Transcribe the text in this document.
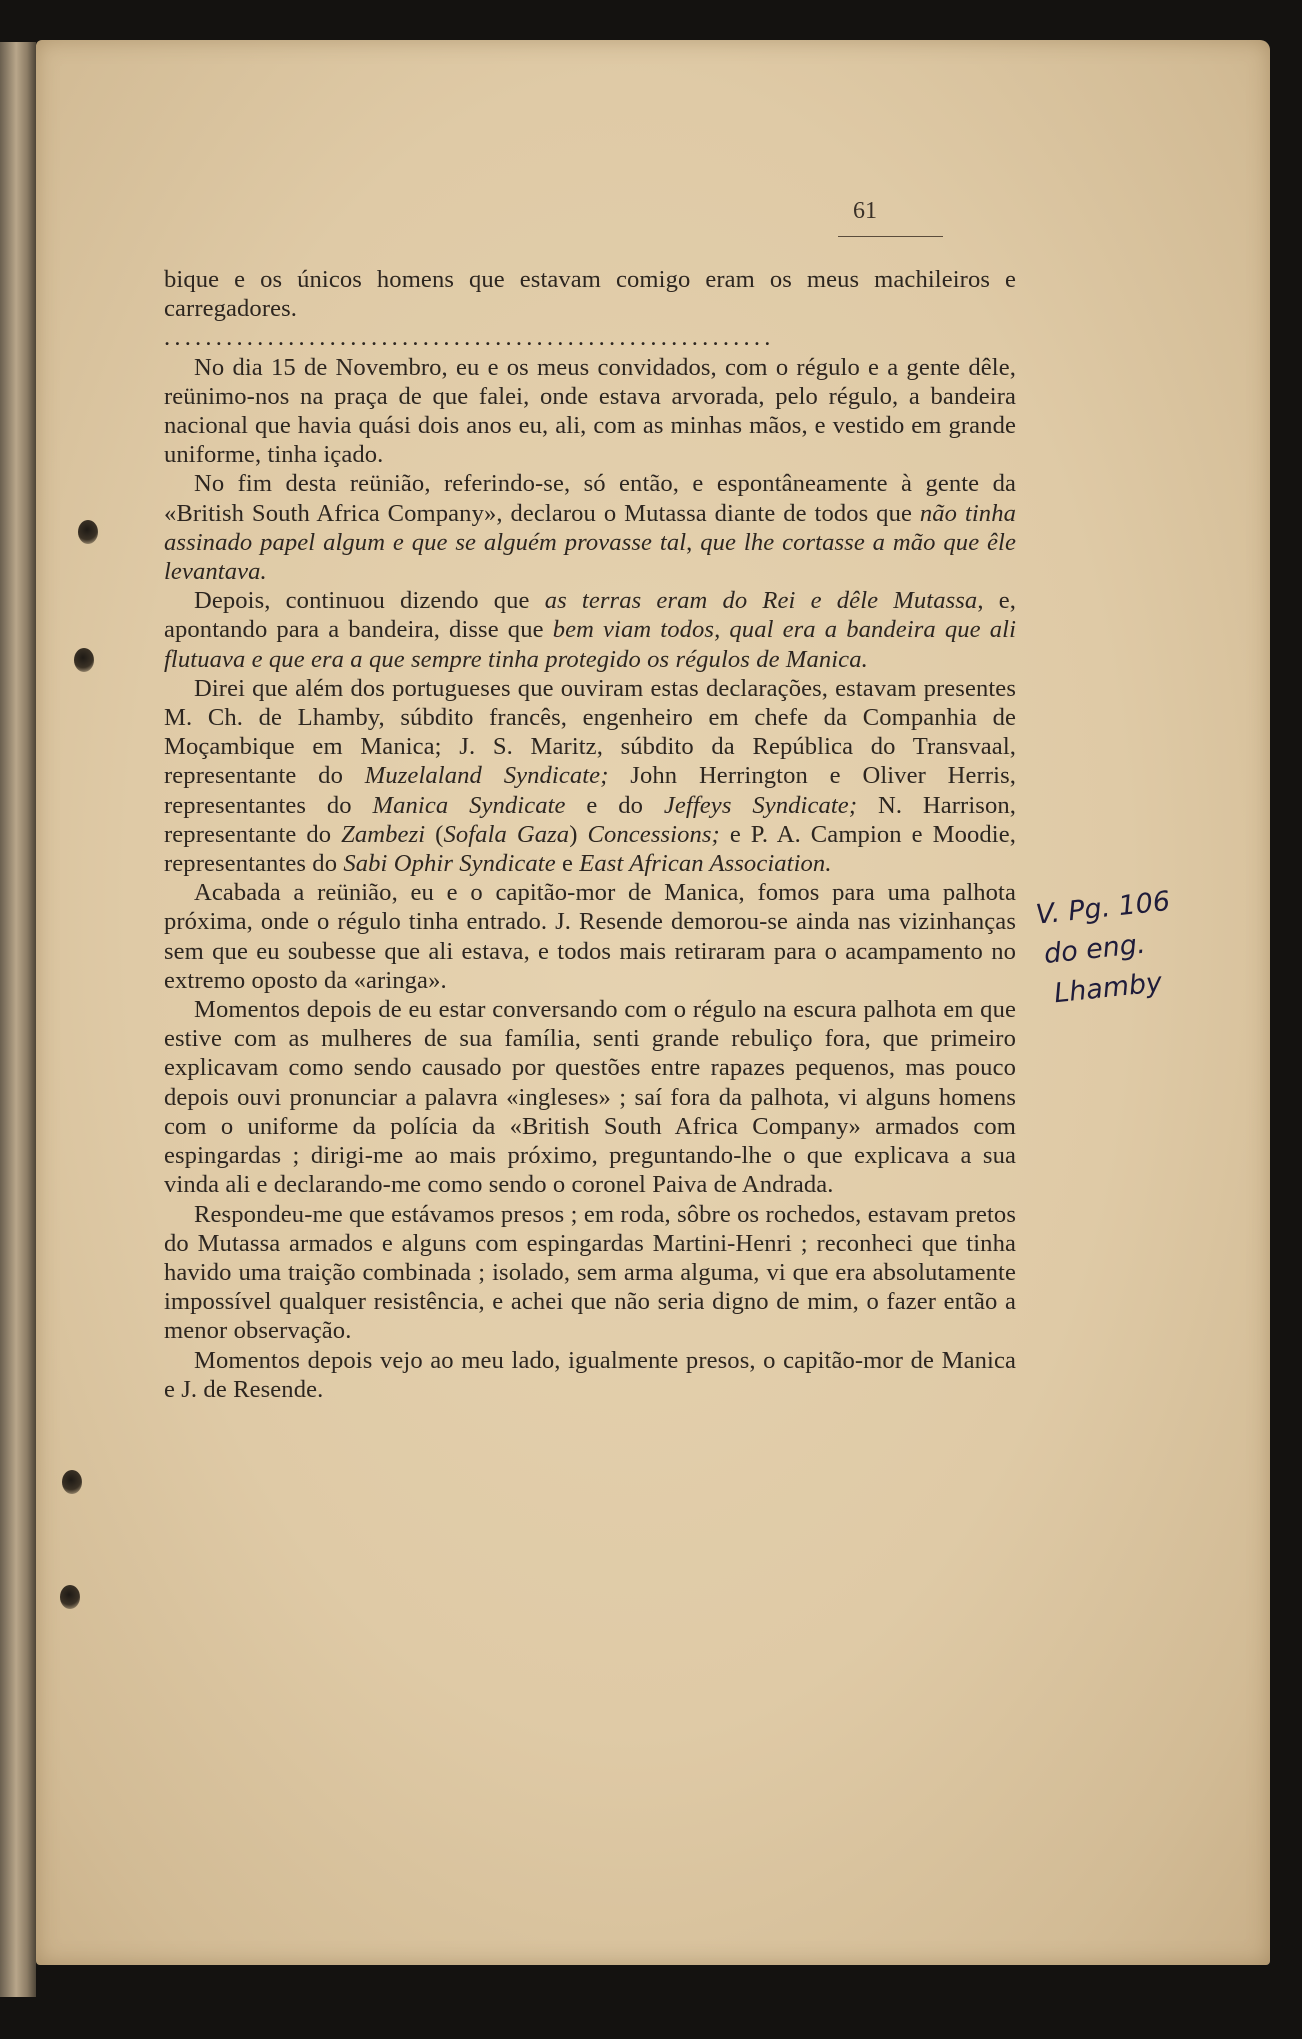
61

bique e os únicos homens que estavam comigo eram os meus machileiros e carregadores.

...........................................................

No dia 15 de Novembro, eu e os meus convidados, com o régulo e a gente dêle, reünimo-nos na praça de que falei, onde estava arvorada, pelo régulo, a bandeira nacional que havia quási dois anos eu, ali, com as minhas mãos, e vestido em grande uniforme, tinha içado.

No fim desta reünião, referindo-se, só então, e espontâneamente à gente da «British South Africa Company», declarou o Mutassa diante de todos que não tinha assinado papel algum e que se alguém provasse tal, que lhe cortasse a mão que êle levantava.

Depois, continuou dizendo que as terras eram do Rei e dêle Mutassa, e, apontando para a bandeira, disse que bem viam todos, qual era a bandeira que ali flutuava e que era a que sempre tinha protegido os régulos de Manica.

Direi que além dos portugueses que ouviram estas declarações, estavam presentes M. Ch. de Lhamby, súbdito francês, engenheiro em chefe da Companhia de Moçambique em Manica; J. S. Maritz, súbdito da República do Transvaal, representante do Muzelaland Syndicate; John Herrington e Oliver Herris, representantes do Manica Syndicate e do Jeffeys Syndicate; N. Harrison, representante do Zambezi (Sofala Gaza) Concessions; e P. A. Campion e Moodie, representantes do Sabi Ophir Syndicate e East African Association.

Acabada a reünião, eu e o capitão-mor de Manica, fomos para uma palhota próxima, onde o régulo tinha entrado. J. Resende demorou-se ainda nas vizinhanças sem que eu soubesse que ali estava, e todos mais retiraram para o acampamento no extremo oposto da «aringa».

Momentos depois de eu estar conversando com o régulo na escura palhota em que estive com as mulheres de sua família, senti grande rebuliço fora, que primeiro explicavam como sendo causado por questões entre rapazes pequenos, mas pouco depois ouvi pronunciar a palavra «ingleses» ; saí fora da palhota, vi alguns homens com o uniforme da polícia da «British South Africa Company» armados com espingardas ; dirigi-me ao mais próximo, preguntando-lhe o que explicava a sua vinda ali e declarando-me como sendo o coronel Paiva de Andrada.

Respondeu-me que estávamos presos ; em roda, sôbre os rochedos, estavam pretos do Mutassa armados e alguns com espingardas Martini-Henri ; reconheci que tinha havido uma traição combinada ; isolado, sem arma alguma, vi que era absolutamente impossível qualquer resistência, e achei que não seria digno de mim, o fazer então a menor observação.

Momentos depois vejo ao meu lado, igualmente presos, o capitão-mor de Manica e J. de Resende.

V. Pg. 106
do eng.
Lhamby
